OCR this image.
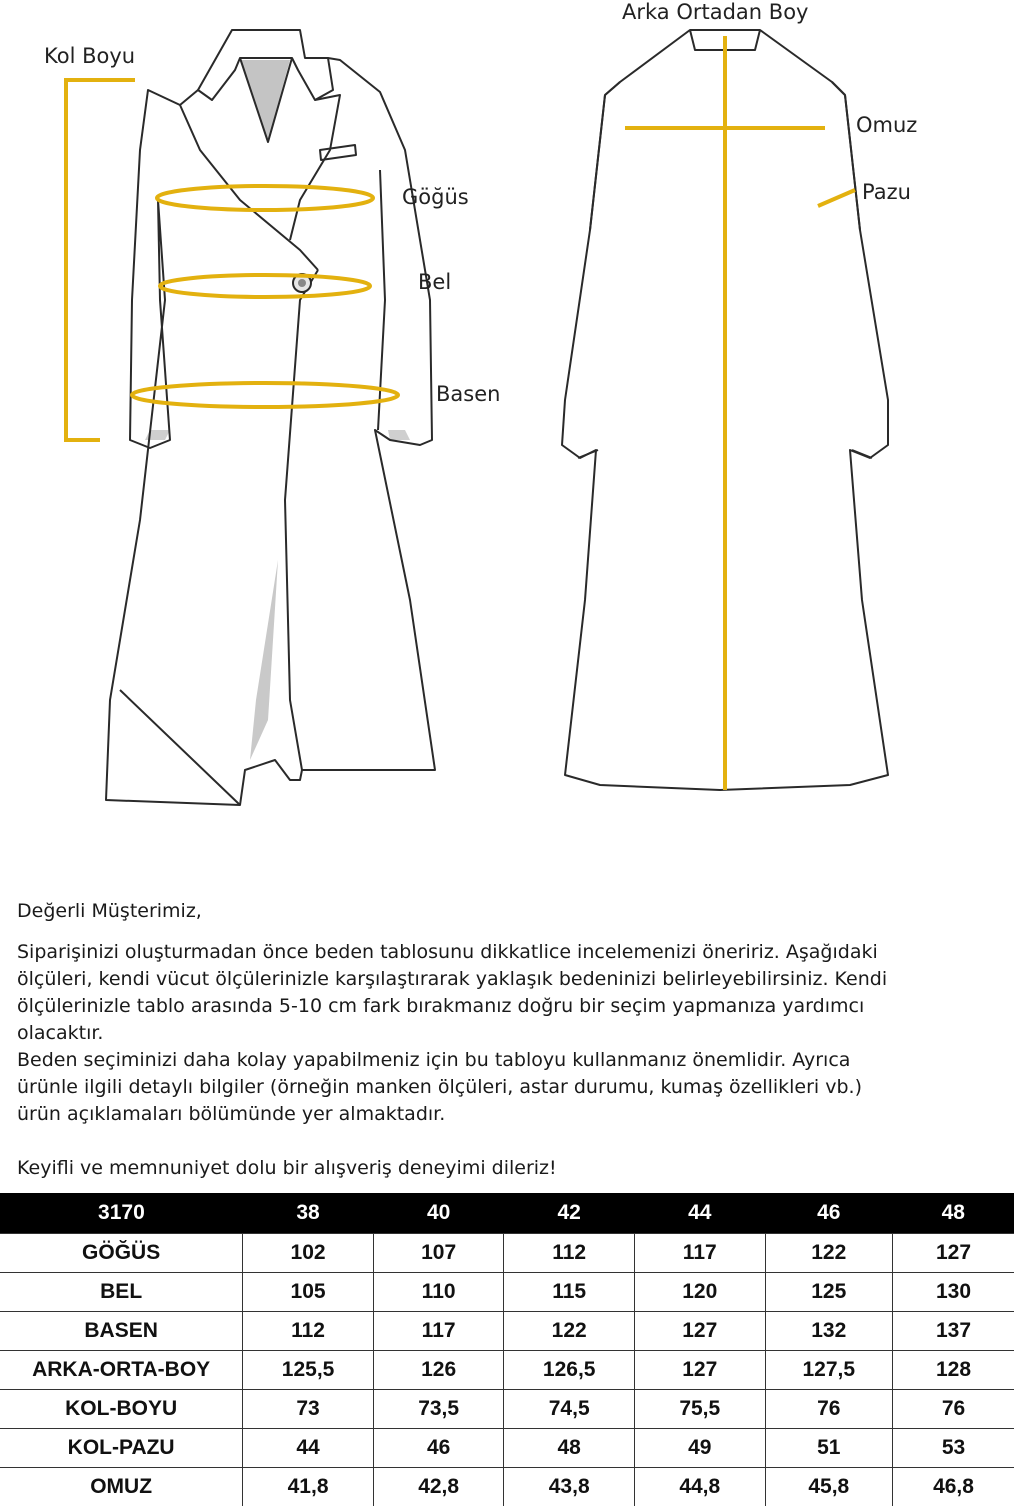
Kol Boyu
Göğüs
Bel
Basen
Arka Ortadan Boy
Omuz
Pazu

Değerli Müşterimiz,

Siparişinizi oluşturmadan önce beden tablosunu dikkatlice incelemenizi öneririz. Aşağıdaki

ölçüleri, kendi vücut ölçülerinizle karşılaştırarak yaklaşık bedeninizi belirleyebilirsiniz. Kendi

ölçülerinizle tablo arasında 5-10 cm fark bırakmanız doğru bir seçim yapmanıza yardımcı

olacaktır.

Beden seçiminizi daha kolay yapabilmeniz için bu tabloyu kullanmanız önemlidir. Ayrıca

ürünle ilgili detaylı bilgiler (örneğin manken ölçüleri, astar durumu, kumaş özellikleri vb.)

ürün açıklamaları bölümünde yer almaktadır.

Keyifli ve memnuniyet dolu bir alışveriş deneyimi dileriz!

3170	38	40	42	44	46	48
GÖĞÜS	102	107	112	117	122	127
BEL	105	110	115	120	125	130
BASEN	112	117	122	127	132	137
ARKA-ORTA-BOY	125,5	126	126,5	127	127,5	128
KOL-BOYU	73	73,5	74,5	75,5	76	76
KOL-PAZU	44	46	48	49	51	53
OMUZ	41,8	42,8	43,8	44,8	45,8	46,8
